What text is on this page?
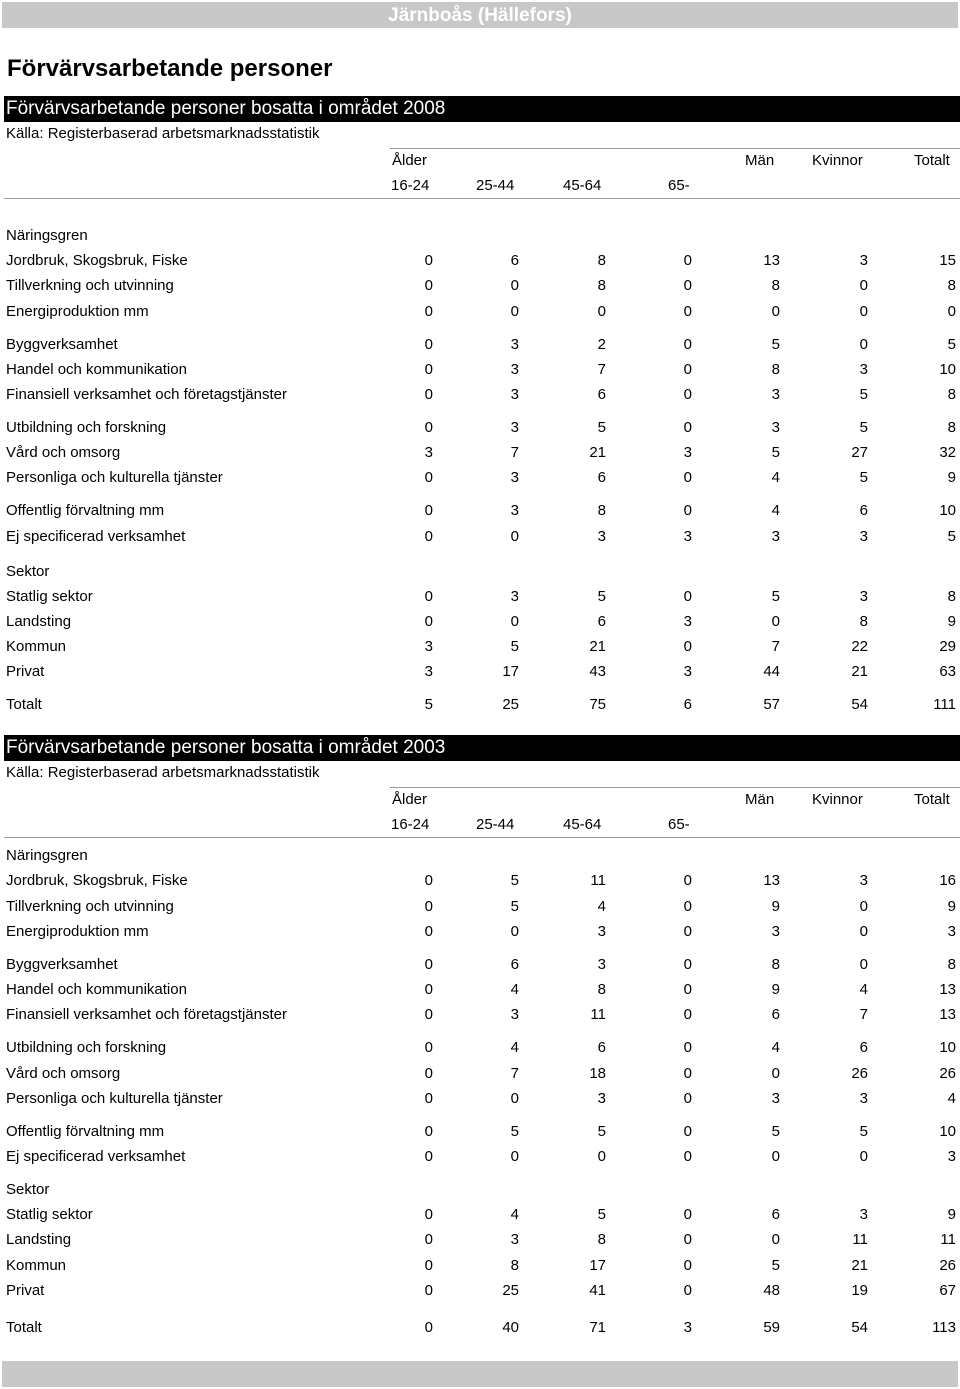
Järnboås (Hällefors)
Förvärvsarbetande personer
Förvärvsarbetande personer bosatta i området 2008
Källa: Registerbaserad arbetsmarknadsstatistik
Ålder	Män	Kvinnor	Totalt
16-24	25-44	45-64	65-
Näringsgren
Jordbruk, Skogsbruk, Fiske	0	6	8	0	13	3	15
Tillverkning och utvinning	0	0	8	0	8	0	8
Energiproduktion mm	0	0	0	0	0	0	0
Byggverksamhet	0	3	2	0	5	0	5
Handel och kommunikation	0	3	7	0	8	3	10
Finansiell verksamhet och företagstjänster	0	3	6	0	3	5	8
Utbildning och forskning	0	3	5	0	3	5	8
Vård och omsorg	3	7	21	3	5	27	32
Personliga och kulturella tjänster	0	3	6	0	4	5	9
Offentlig förvaltning mm	0	3	8	0	4	6	10
Ej specificerad verksamhet	0	0	3	3	3	3	5
Sektor
Statlig sektor	0	3	5	0	5	3	8
Landsting	0	0	6	3	0	8	9
Kommun	3	5	21	0	7	22	29
Privat	3	17	43	3	44	21	63
Totalt	5	25	75	6	57	54	111
Förvärvsarbetande personer bosatta i området 2003
Källa: Registerbaserad arbetsmarknadsstatistik
Ålder	Män	Kvinnor	Totalt
16-24	25-44	45-64	65-
Näringsgren
Jordbruk, Skogsbruk, Fiske	0	5	11	0	13	3	16
Tillverkning och utvinning	0	5	4	0	9	0	9
Energiproduktion mm	0	0	3	0	3	0	3
Byggverksamhet	0	6	3	0	8	0	8
Handel och kommunikation	0	4	8	0	9	4	13
Finansiell verksamhet och företagstjänster	0	3	11	0	6	7	13
Utbildning och forskning	0	4	6	0	4	6	10
Vård och omsorg	0	7	18	0	0	26	26
Personliga och kulturella tjänster	0	0	3	0	3	3	4
Offentlig förvaltning mm	0	5	5	0	5	5	10
Ej specificerad verksamhet	0	0	0	0	0	0	3
Sektor
Statlig sektor	0	4	5	0	6	3	9
Landsting	0	3	8	0	0	11	11
Kommun	0	8	17	0	5	21	26
Privat	0	25	41	0	48	19	67
Totalt	0	40	71	3	59	54	113
